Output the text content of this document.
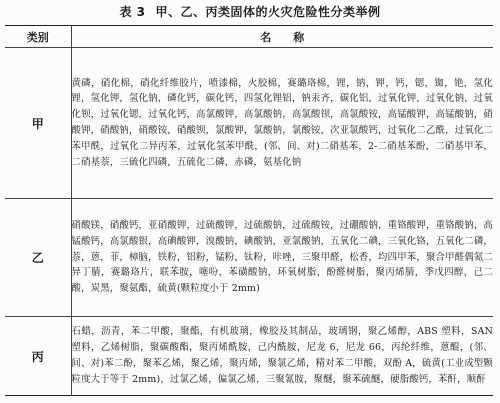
表 3 甲、乙、丙类固体的火灾危险性分类举例
类别	名称
甲	黄磷，硝化棉，硝化纤维胶片，喷漆棉，火胶棉，赛璐珞棉，锂，钠，钾，钙，锶，铷，铯，氢化锂，氢化钾，氢化钠，磷化钙，碳化钙，四氢化锂铝，钠汞齐，碳化铝，过氧化钾，过氧化钠，过氧化钡，过氧化锶，过氧化钙，高氯酸钾，高氯酸钠，高氯酸钡，高氯酸铵，高锰酸钾，高锰酸钠，硝酸钾，硝酸钠，硝酸铵，硝酸钡，氯酸钾，氯酸钠，氯酸铵，次亚氯酸钙，过氧化二乙酰，过氧化二苯甲酰，过氧化二异丙苯，过氧化氢苯甲酰，(邻、间、对)二硝基苯，2-二硝基苯酚，二硝基甲苯，二硝基萘，三硫化四磷，五硫化二磷，赤磷，氨基化钠
乙	硝酸镁，硝酸钙，亚硝酸钾，过硫酸钾，过硫酸钠，过硫酸铵，过硼酸钠，重铬酸钾，重铬酸钠，高锰酸钙，高氯酸银，高碘酸钾，溴酸钠，碘酸钠，亚氯酸钠，五氧化二碘，三氧化铬，五氧化二磷，萘，蒽，菲，樟脑，铁粉，铝粉，锰粉，钛粉，咔唑，三聚甲醛，松香，均四甲苯，聚合甲醛偶氮二异丁腈，赛璐珞片，联苯胺，噻吩，苯磺酸钠，环氧树脂，酚醛树脂，聚丙烯腈，季戊四醇，己二酸，炭黑，聚氨酯，硫黄(颗粒度小于 2mm)
丙	石蜡，沥青，苯二甲酸，聚酯，有机玻璃，橡胶及其制品，玻璃钢，聚乙烯醇，ABS 塑料，SAN 塑料，乙烯树脂，聚碳酸酯，聚丙烯酰胺，己内酰胺，尼龙 6，尼龙 66，丙纶纤维，蒽醌，(邻、间、对)苯二酚，聚苯乙烯，聚乙烯，聚丙烯，聚氯乙烯，精对苯二甲酸，双酚 A，硫黄(工业成型颗粒度大于等于 2mm)，过氯乙烯，偏氯乙烯，三聚氰胺，聚醚，聚苯硫醚，硬脂酸钙，苯酐，顺酐
